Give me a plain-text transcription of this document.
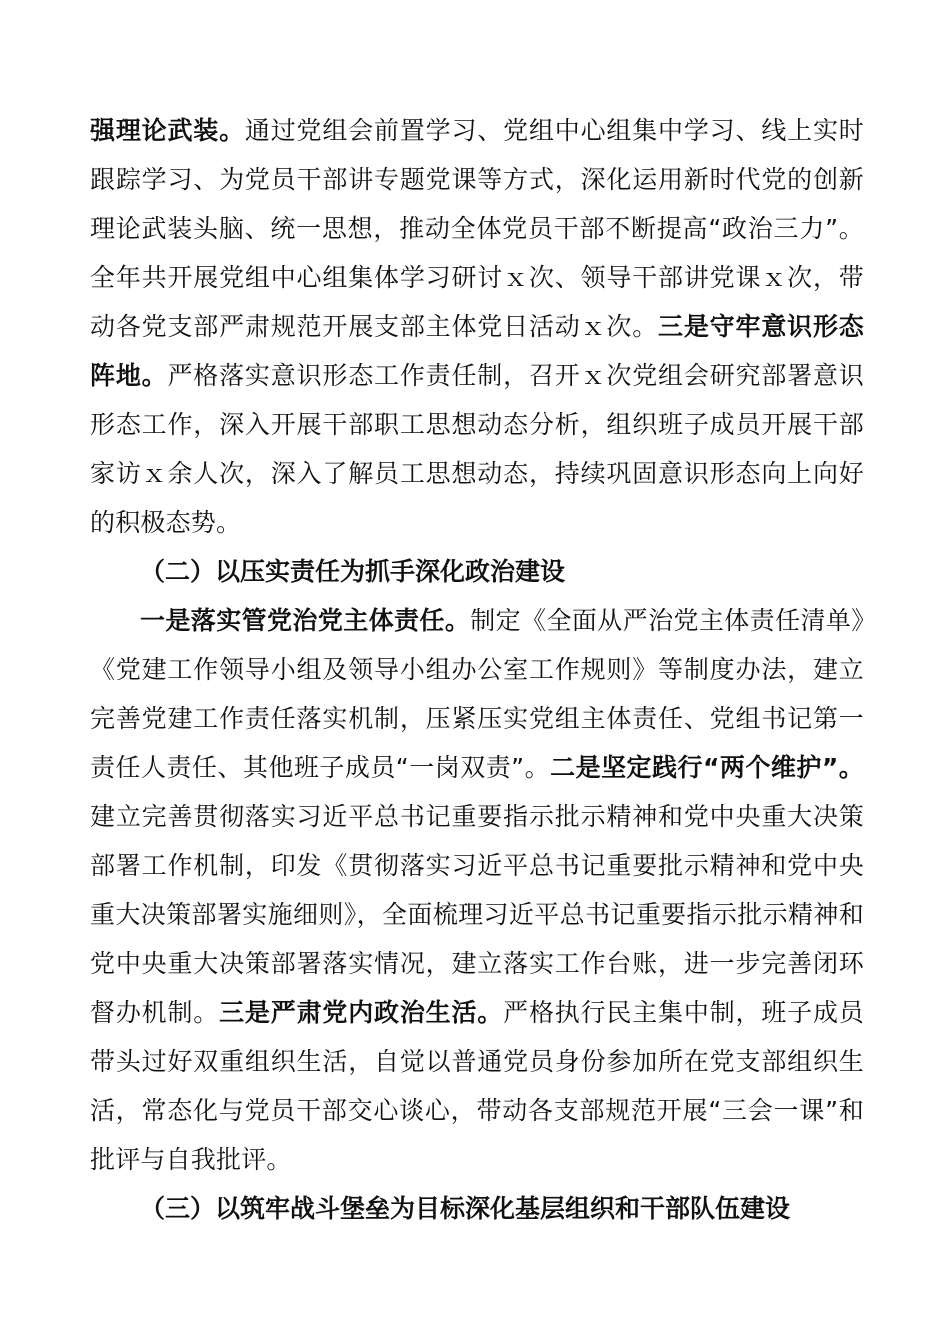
强理论武装。通过党组会前置学习、党组中心组集中学习、线上实时跟踪学习、为党员干部讲专题党课等方式，深化运用新时代党的创新理论武装头脑、统一思想，推动全体党员干部不断提高“政治三力”。全年共开展党组中心组集体学习研讨ｘ次、领导干部讲党课ｘ次，带动各党支部严肃规范开展支部主体党日活动ｘ次。三是守牢意识形态阵地。严格落实意识形态工作责任制，召开ｘ次党组会研究部署意识形态工作，深入开展干部职工思想动态分析，组织班子成员开展干部家访ｘ余人次，深入了解员工思想动态，持续巩固意识形态向上向好的积极态势。

（二）以压实责任为抓手深化政治建设

一是落实管党治党主体责任。制定《全面从严治党主体责任清单》《党建工作领导小组及领导小组办公室工作规则》等制度办法，建立完善党建工作责任落实机制，压紧压实党组主体责任、党组书记第一责任人责任、其他班子成员“一岗双责”。二是坚定践行“两个维护”。建立完善贯彻落实习近平总书记重要指示批示精神和党中央重大决策部署工作机制，印发《贯彻落实习近平总书记重要批示精神和党中央重大决策部署实施细则》，全面梳理习近平总书记重要指示批示精神和党中央重大决策部署落实情况，建立落实工作台账，进一步完善闭环督办机制。三是严肃党内政治生活。严格执行民主集中制，班子成员带头过好双重组织生活，自觉以普通党员身份参加所在党支部组织生活，常态化与党员干部交心谈心，带动各支部规范开展“三会一课”和批评与自我批评。

（三）以筑牢战斗堡垒为目标深化基层组织和干部队伍建设
